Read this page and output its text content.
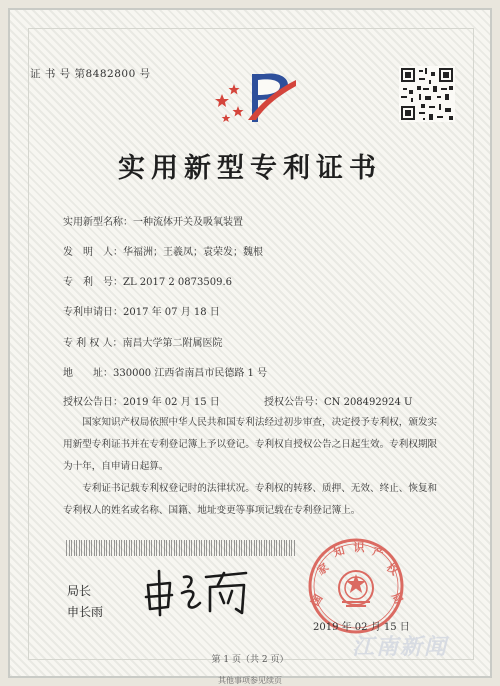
证 书 号 第8482800 号
实用新型专利证书
实用新型名称：一种流体开关及吸氧装置
发　明　人：华福洲；王羲凤；袁荣发；魏根
专　利　号：ZL 2017 2 0873509.6
专利申请日：2017 年 07 月 18 日
专 利 权 人：南昌大学第二附属医院
地　　址：330000 江西省南昌市民德路 1 号
授权公告日：2019 年 02 月 15 日	授权公告号：CN 208492924 U
国家知识产权局依照中华人民共和国专利法经过初步审查，决定授予专利权，颁发实用新型专利证书并在专利登记簿上予以登记。专利权自授权公告之日起生效。专利权期限为十年，自申请日起算。
专利证书记载专利权登记时的法律状况。专利权的转移、质押、无效、终止、恢复和专利权人的姓名或名称、国籍、地址变更等事项记载在专利登记簿上。
局长
申长雨
国
家
知 识 产
权
局
2019 年 02 月 15 日
江南新闻
第 1 页（共 2 页）
其他事项参见续页
